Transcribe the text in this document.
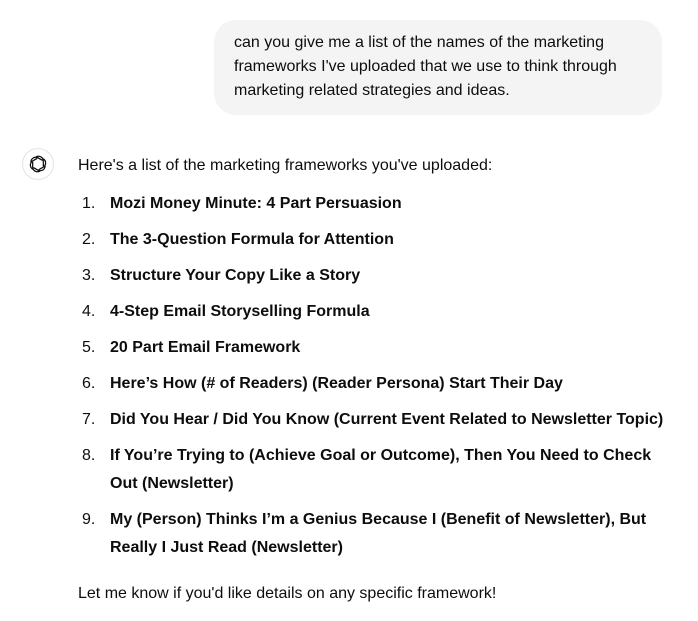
can you give me a list of the names of the marketing frameworks I've uploaded that we use to think through marketing related strategies and ideas.

Here's a list of the marketing frameworks you've uploaded:

1. Mozi Money Minute: 4 Part Persuasion
2. The 3-Question Formula for Attention
3. Structure Your Copy Like a Story
4. 4-Step Email Storyselling Formula
5. 20 Part Email Framework
6. Here’s How (# of Readers) (Reader Persona) Start Their Day
7. Did You Hear / Did You Know (Current Event Related to Newsletter Topic)
8. If You’re Trying to (Achieve Goal or Outcome), Then You Need to Check Out (Newsletter)
9. My (Person) Thinks I’m a Genius Because I (Benefit of Newsletter), But Really I Just Read (Newsletter)

Let me know if you'd like details on any specific framework!
